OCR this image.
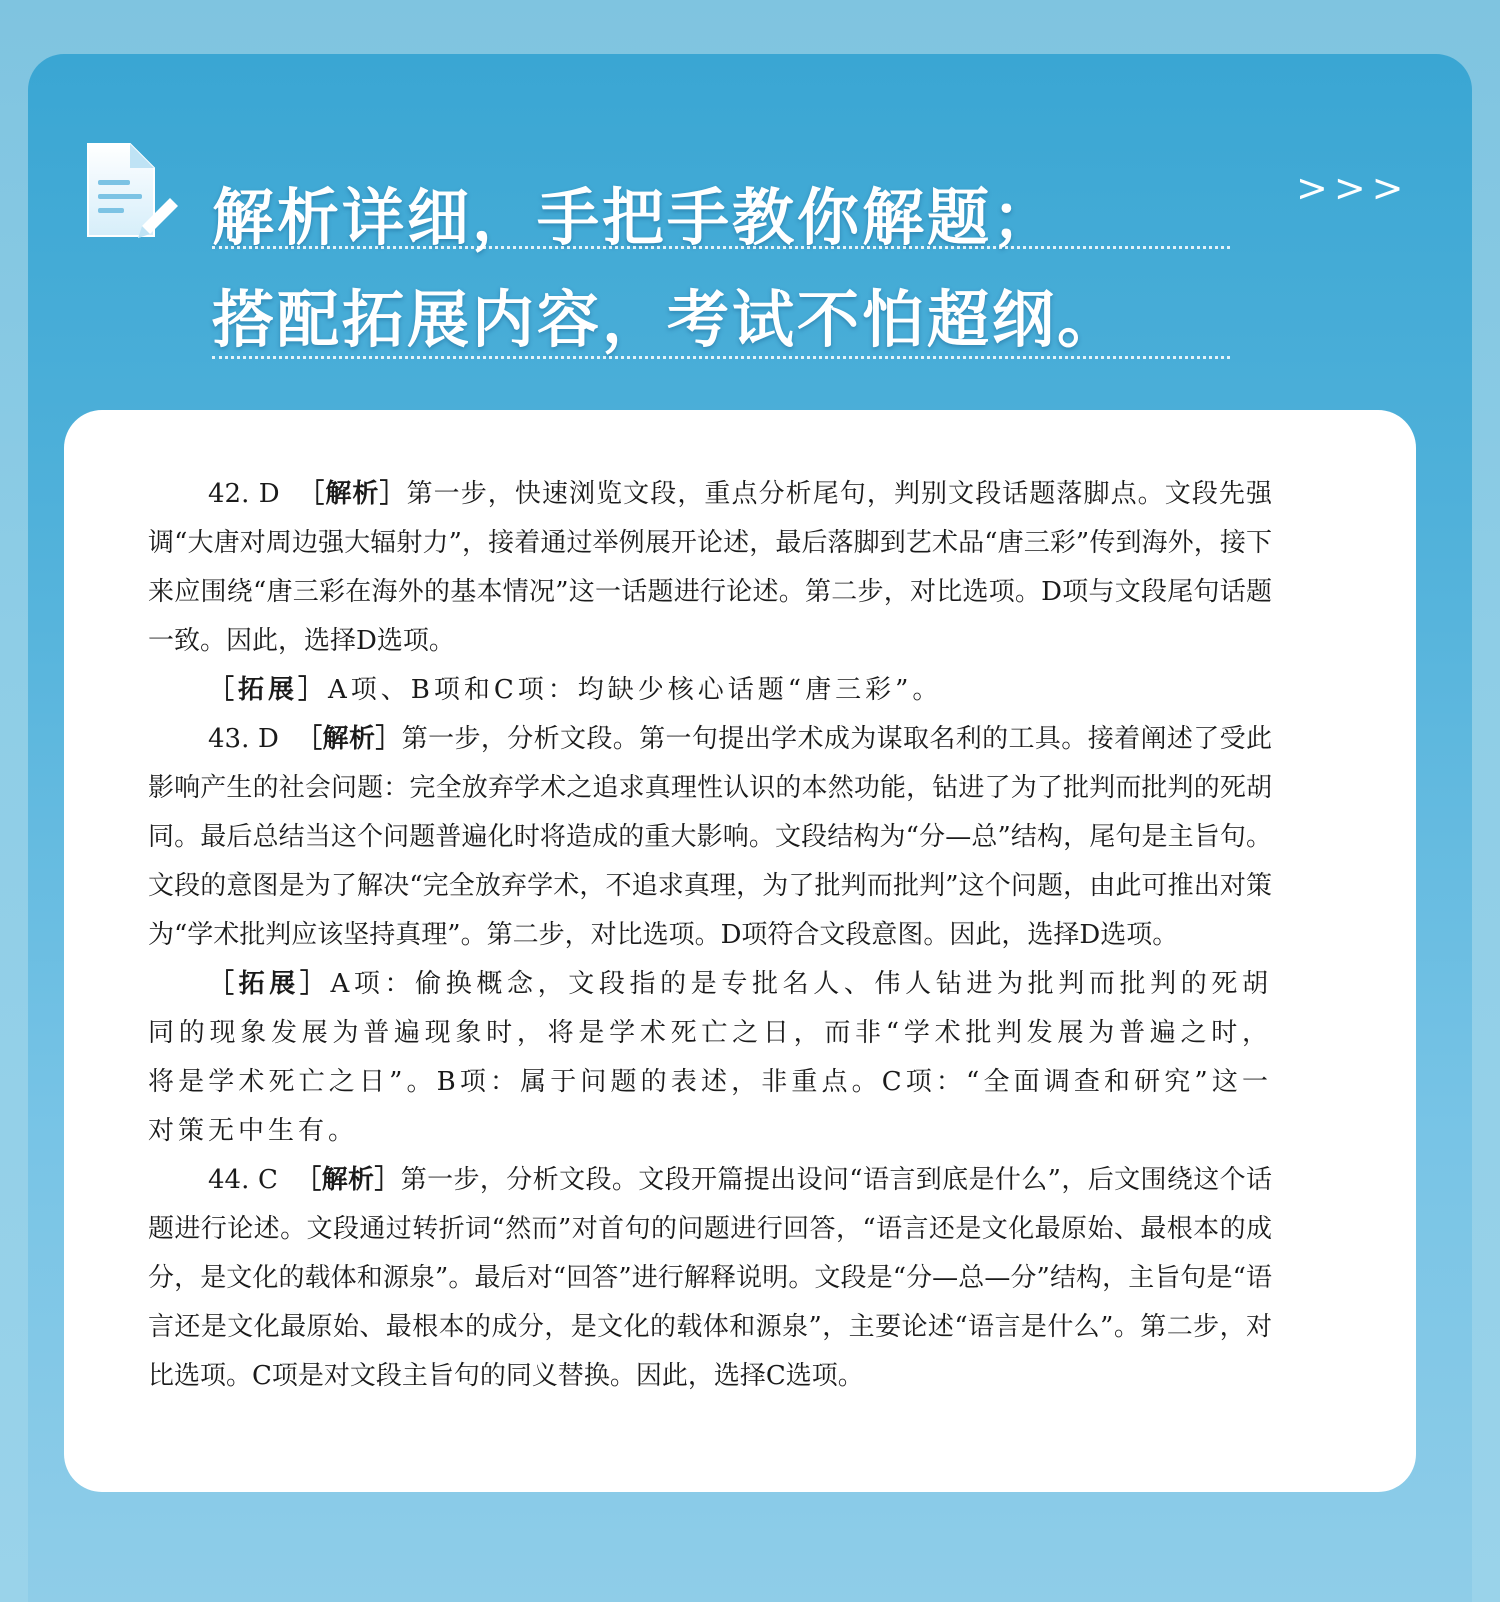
>>>
解析详细，手把手教你解题；
搭配拓展内容，考试不怕超纲。

42. D ［解析］第一步，快速浏览文段，重点分析尾句，判别文段话题落脚点。文段先强调“大唐对周边强大辐射力”，接着通过举例展开论述，最后落脚到艺术品“唐三彩”传到海外，接下来应围绕“唐三彩在海外的基本情况”这一话题进行论述。第二步，对比选项。D项与文段尾句话题一致。因此，选择D选项。

［拓展］A项、B项和C项：均缺少核心话题“唐三彩”。

43. D ［解析］第一步，分析文段。第一句提出学术成为谋取名利的工具。接着阐述了受此影响产生的社会问题：完全放弃学术之追求真理性认识的本然功能，钻进了为了批判而批判的死胡同。最后总结当这个问题普遍化时将造成的重大影响。文段结构为“分—总”结构，尾句是主旨句。文段的意图是为了解决“完全放弃学术，不追求真理，为了批判而批判”这个问题，由此可推出对策为“学术批判应该坚持真理”。第二步，对比选项。D项符合文段意图。因此，选择D选项。

［拓展］A项：偷换概念，文段指的是专批名人、伟人钻进为批判而批判的死胡同的现象发展为普遍现象时，将是学术死亡之日，而非“学术批判发展为普遍之时，将是学术死亡之日”。B项：属于问题的表述，非重点。C项：“全面调查和研究”这一对策无中生有。

44. C ［解析］第一步，分析文段。文段开篇提出设问“语言到底是什么”，后文围绕这个话题进行论述。文段通过转折词“然而”对首句的问题进行回答，“语言还是文化最原始、最根本的成分，是文化的载体和源泉”。最后对“回答”进行解释说明。文段是“分—总—分”结构，主旨句是“语言还是文化最原始、最根本的成分，是文化的载体和源泉”，主要论述“语言是什么”。第二步，对比选项。C项是对文段主旨句的同义替换。因此，选择C选项。
